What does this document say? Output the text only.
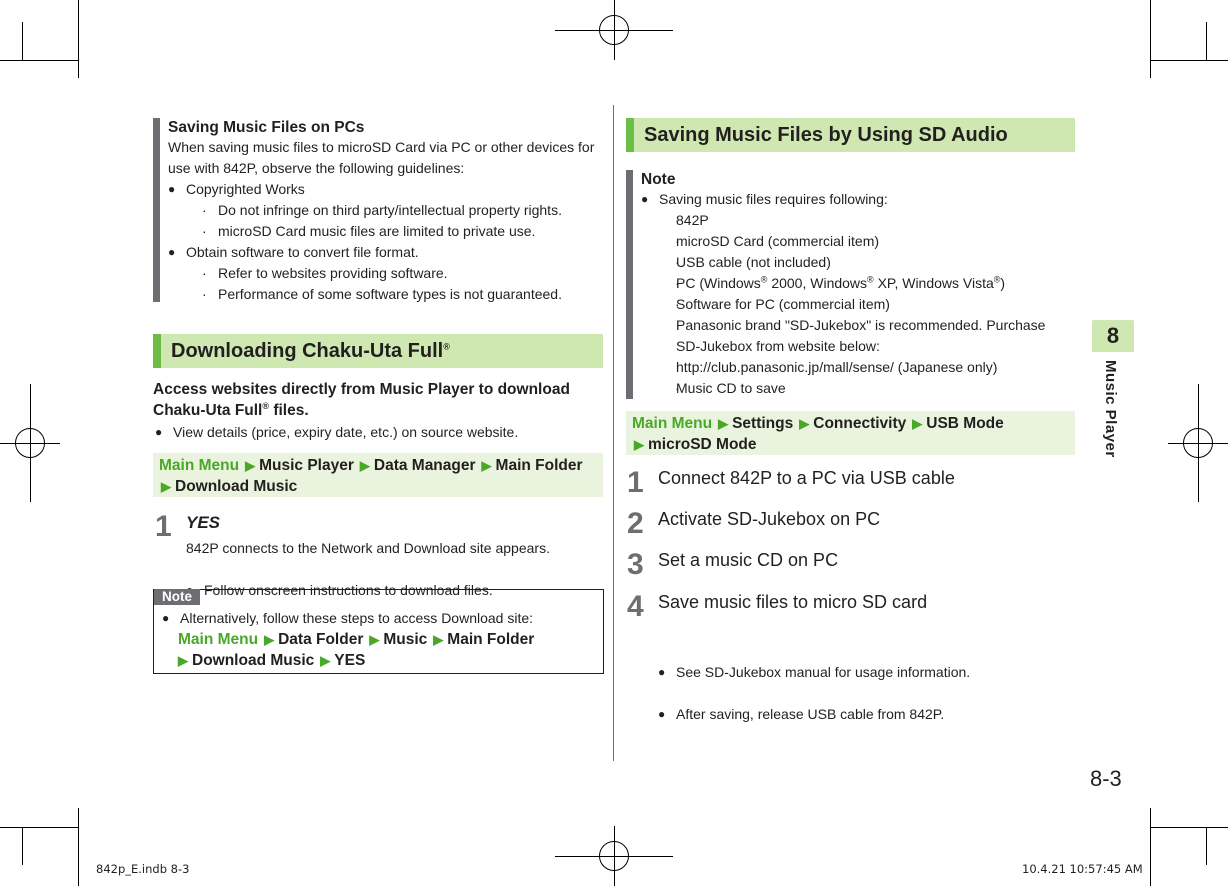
Saving Music Files on PCs
When saving music files to microSD Card via PC or other devices for use with 842P, observe the following guidelines:
● Copyrighted Works
· Do not infringe on third party/intellectual property rights.
· microSD Card music files are limited to private use.
● Obtain software to convert file format.
· Refer to websites providing software.
· Performance of some software types is not guaranteed.
Downloading Chaku-Uta Full®
Access websites directly from Music Player to download
Chaku-Uta Full® files.
● View details (price, expiry date, etc.) on source website.
Main Menu ▶ Music Player ▶ Data Manager ▶ Main Folder
▶ Download Music
1 YES
842P connects to the Network and Download site appears.
● Follow onscreen instructions to download files.
Note
● Alternatively, follow these steps to access Download site:
Main Menu ▶ Data Folder ▶ Music ▶ Main Folder
▶ Download Music ▶ YES
Saving Music Files by Using SD Audio
Note
● Saving music files requires following:
· 842P
· microSD Card (commercial item)
· USB cable (not included)
· PC (Windows® 2000, Windows® XP, Windows Vista®)
· Software for PC (commercial item)
Panasonic brand "SD-Jukebox" is recommended. Purchase
SD-Jukebox from website below:
http://club.panasonic.jp/mall/sense/ (Japanese only)
· Music CD to save
Main Menu ▶ Settings ▶ Connectivity ▶ USB Mode
▶ microSD Mode
1 Connect 842P to a PC via USB cable
2 Activate SD-Jukebox on PC
3 Set a music CD on PC
4 Save music files to micro SD card
● See SD-Jukebox manual for usage information.
● After saving, release USB cable from 842P.
8
Music Player
8-3
842p_E.indb 8-3	10.4.21 10:57:45 AM
